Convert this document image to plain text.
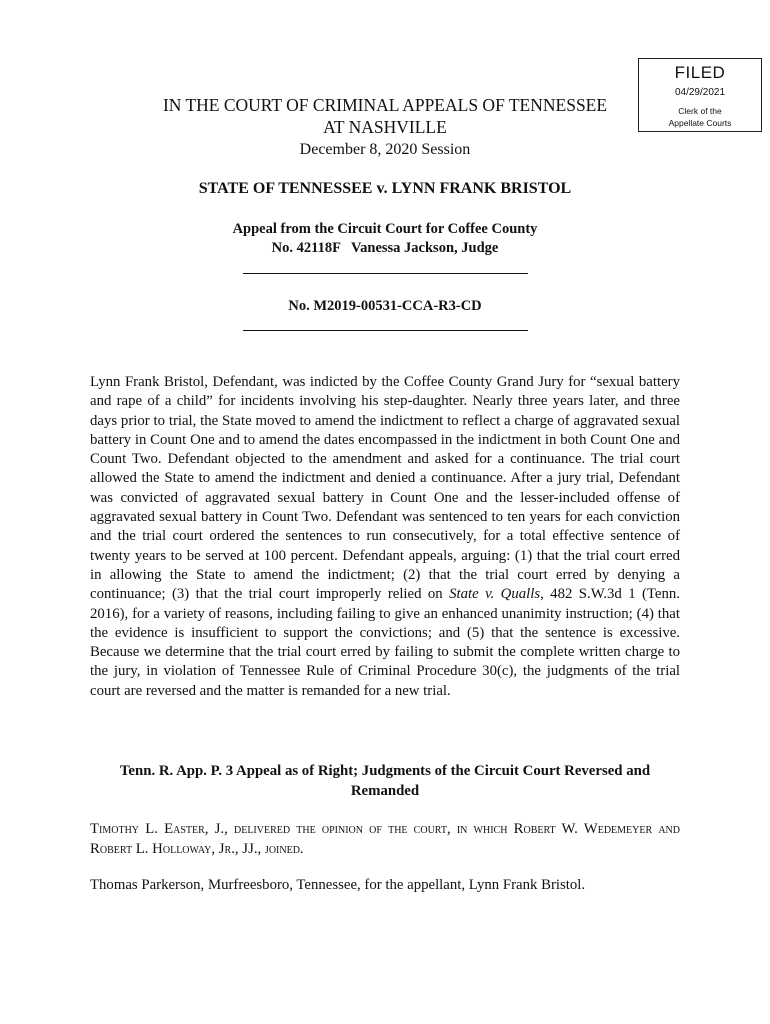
FILED
04/29/2021
Clerk of the
Appellate Courts
IN THE COURT OF CRIMINAL APPEALS OF TENNESSEE
AT NASHVILLE
December 8, 2020 Session
STATE OF TENNESSEE v. LYNN FRANK BRISTOL
Appeal from the Circuit Court for Coffee County
No. 42118F   Vanessa Jackson, Judge
No. M2019-00531-CCA-R3-CD
Lynn Frank Bristol, Defendant, was indicted by the Coffee County Grand Jury for “sexual battery and rape of a child” for incidents involving his step-daughter. Nearly three years later, and three days prior to trial, the State moved to amend the indictment to reflect a charge of aggravated sexual battery in Count One and to amend the dates encompassed in the indictment in both Count One and Count Two. Defendant objected to the amendment and asked for a continuance. The trial court allowed the State to amend the indictment and denied a continuance. After a jury trial, Defendant was convicted of aggravated sexual battery in Count One and the lesser-included offense of aggravated sexual battery in Count Two. Defendant was sentenced to ten years for each conviction and the trial court ordered the sentences to run consecutively, for a total effective sentence of twenty years to be served at 100 percent. Defendant appeals, arguing: (1) that the trial court erred in allowing the State to amend the indictment; (2) that the trial court erred by denying a continuance; (3) that the trial court improperly relied on State v. Qualls, 482 S.W.3d 1 (Tenn. 2016), for a variety of reasons, including failing to give an enhanced unanimity instruction; (4) that the evidence is insufficient to support the convictions; and (5) that the sentence is excessive. Because we determine that the trial court erred by failing to submit the complete written charge to the jury, in violation of Tennessee Rule of Criminal Procedure 30(c), the judgments of the trial court are reversed and the matter is remanded for a new trial.
Tenn. R. App. P. 3 Appeal as of Right; Judgments of the Circuit Court Reversed and Remanded
Timothy L. Easter, J., delivered the opinion of the court, in which Robert W. Wedemeyer and Robert L. Holloway, Jr., JJ., joined.
Thomas Parkerson, Murfreesboro, Tennessee, for the appellant, Lynn Frank Bristol.
